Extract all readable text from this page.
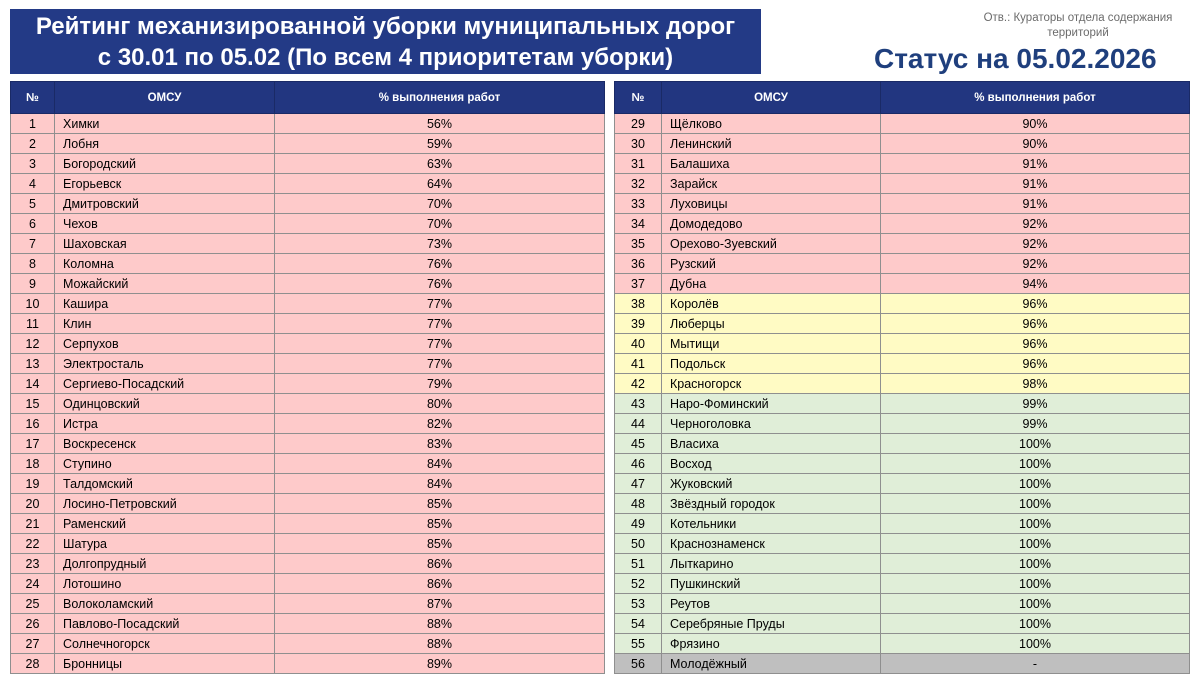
Рейтинг механизированной уборки муниципальных дорог
с 30.01 по 05.02 (По всем 4 приоритетам уборки)
Отв.: Кураторы отдела содержания
территорий
Статус на 05.02.2026
№	ОМСУ	% выполнения работ
1	Химки	56%
2	Лобня	59%
3	Богородский	63%
4	Егорьевск	64%
5	Дмитровский	70%
6	Чехов	70%
7	Шаховская	73%
8	Коломна	76%
9	Можайский	76%
10	Кашира	77%
11	Клин	77%
12	Серпухов	77%
13	Электросталь	77%
14	Сергиево-Посадский	79%
15	Одинцовский	80%
16	Истра	82%
17	Воскресенск	83%
18	Ступино	84%
19	Талдомский	84%
20	Лосино-Петровский	85%
21	Раменский	85%
22	Шатура	85%
23	Долгопрудный	86%
24	Лотошино	86%
25	Волоколамский	87%
26	Павлово-Посадский	88%
27	Солнечногорск	88%
28	Бронницы	89%
№	ОМСУ	% выполнения работ
29	Щёлково	90%
30	Ленинский	90%
31	Балашиха	91%
32	Зарайск	91%
33	Луховицы	91%
34	Домодедово	92%
35	Орехово-Зуевский	92%
36	Рузский	92%
37	Дубна	94%
38	Королёв	96%
39	Люберцы	96%
40	Мытищи	96%
41	Подольск	96%
42	Красногорск	98%
43	Наро-Фоминский	99%
44	Черноголовка	99%
45	Власиха	100%
46	Восход	100%
47	Жуковский	100%
48	Звёздный городок	100%
49	Котельники	100%
50	Краснознаменск	100%
51	Лыткарино	100%
52	Пушкинский	100%
53	Реутов	100%
54	Серебряные Пруды	100%
55	Фрязино	100%
56	Молодёжный	-
